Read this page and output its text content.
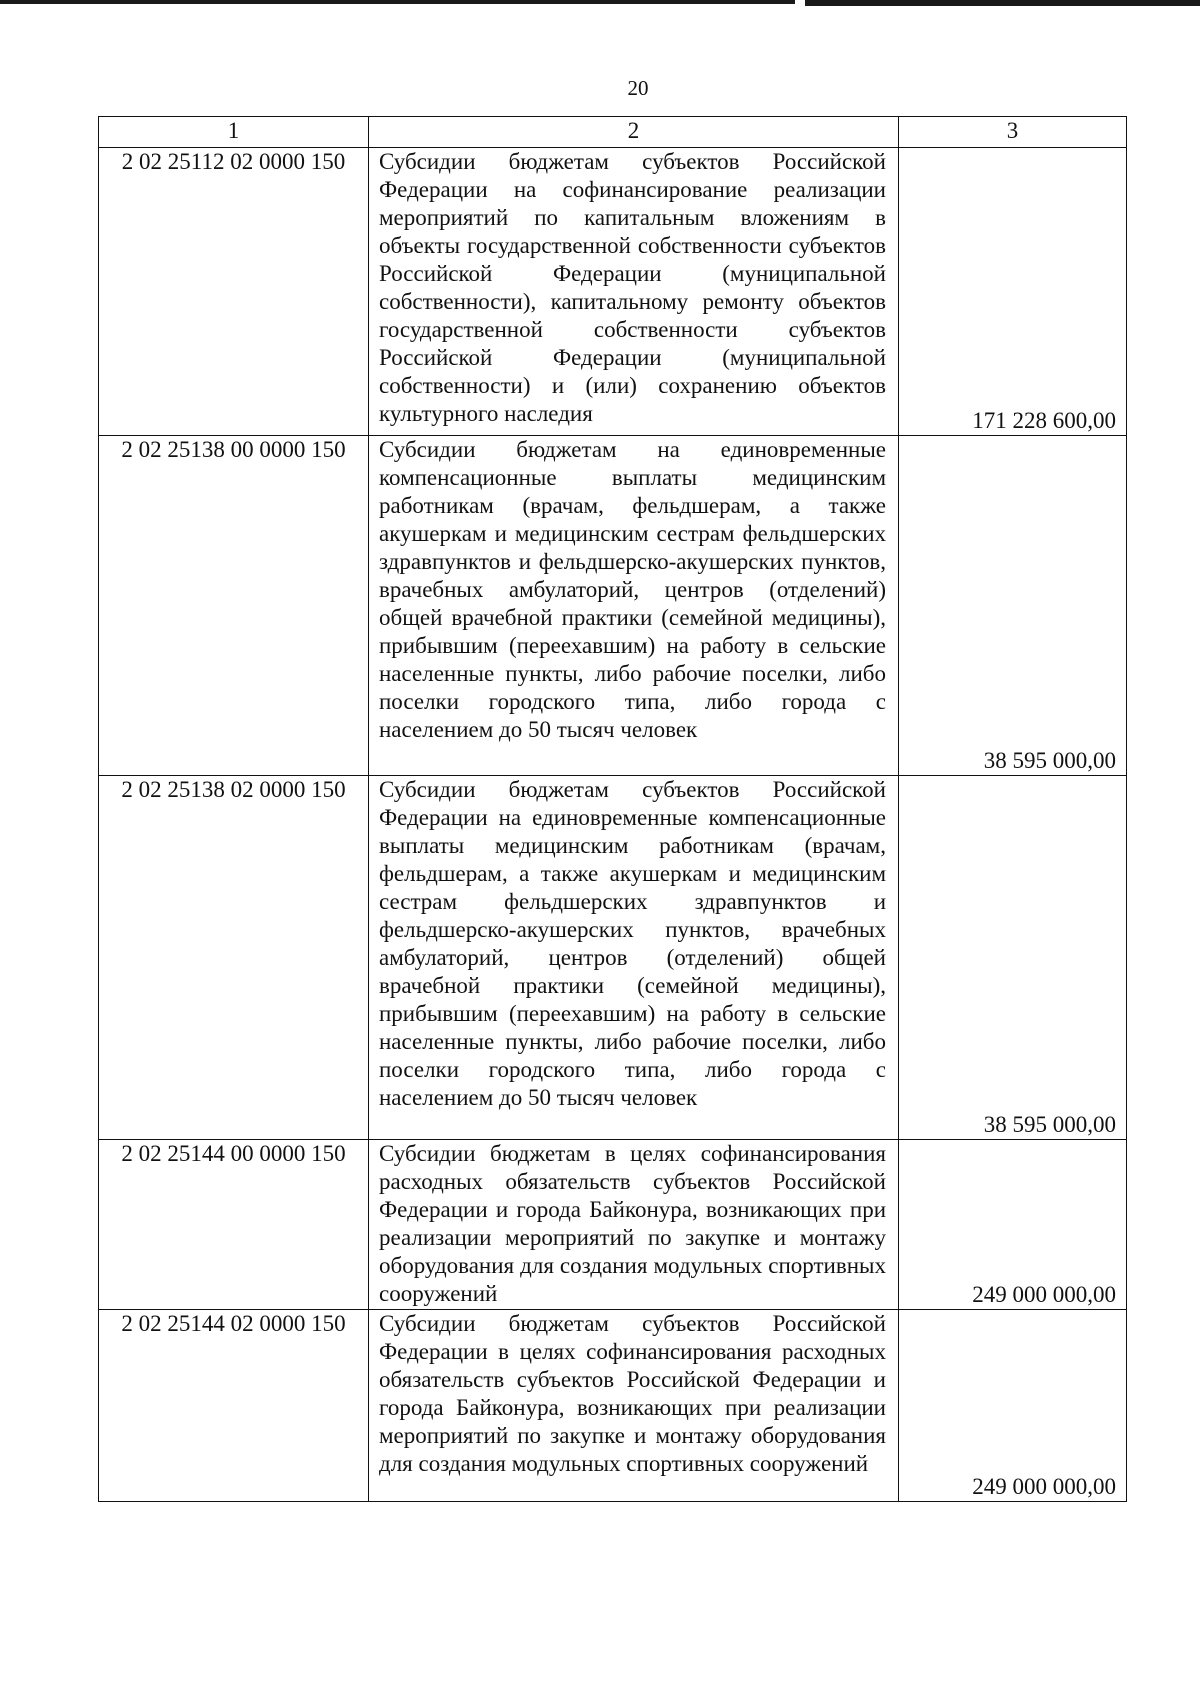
20
1	2	3
2 02 25112 02 0000 150	Субсидии бюджетам субъектов Российской Федерации на софинансирование реализации мероприятий по капитальным вложениям в объекты государственной собственности субъектов Российской Федерации (муниципальной собственности), капитальному ремонту объектов государственной собственности субъектов Российской Федерации (муниципальной собственности) и (или) сохранению объектов культурного наследия	171 228 600,00
2 02 25138 00 0000 150	Субсидии бюджетам на единовременные компенсационные выплаты медицинским работникам (врачам, фельдшерам, а также акушеркам и медицинским сестрам фельдшерских здравпунктов и фельдшерско-акушерских пунктов, врачебных амбулаторий, центров (отделений) общей врачебной практики (семейной медицины), прибывшим (переехавшим) на работу в сельские населенные пункты, либо рабочие поселки, либо поселки городского типа, либо города с населением до 50 тысяч человек	38 595 000,00
2 02 25138 02 0000 150	Субсидии бюджетам субъектов Российской Федерации на единовременные компенсационные выплаты медицинским работникам (врачам, фельдшерам, а также акушеркам и медицинским сестрам фельдшерских здравпунктов и фельдшерско-акушерских пунктов, врачебных амбулаторий, центров (отделений) общей врачебной практики (семейной медицины), прибывшим (переехавшим) на работу в сельские населенные пункты, либо рабочие поселки, либо поселки городского типа, либо города с населением до 50 тысяч человек	38 595 000,00
2 02 25144 00 0000 150	Субсидии бюджетам в целях софинансирования расходных обязательств субъектов Российской Федерации и города Байконура, возникающих при реализации мероприятий по закупке и монтажу оборудования для создания модульных спортивных сооружений	249 000 000,00
2 02 25144 02 0000 150	Субсидии бюджетам субъектов Российской Федерации в целях софинансирования расходных обязательств субъектов Российской Федерации и города Байконура, возникающих при реализации мероприятий по закупке и монтажу оборудования для создания модульных спортивных сооружений	249 000 000,00
